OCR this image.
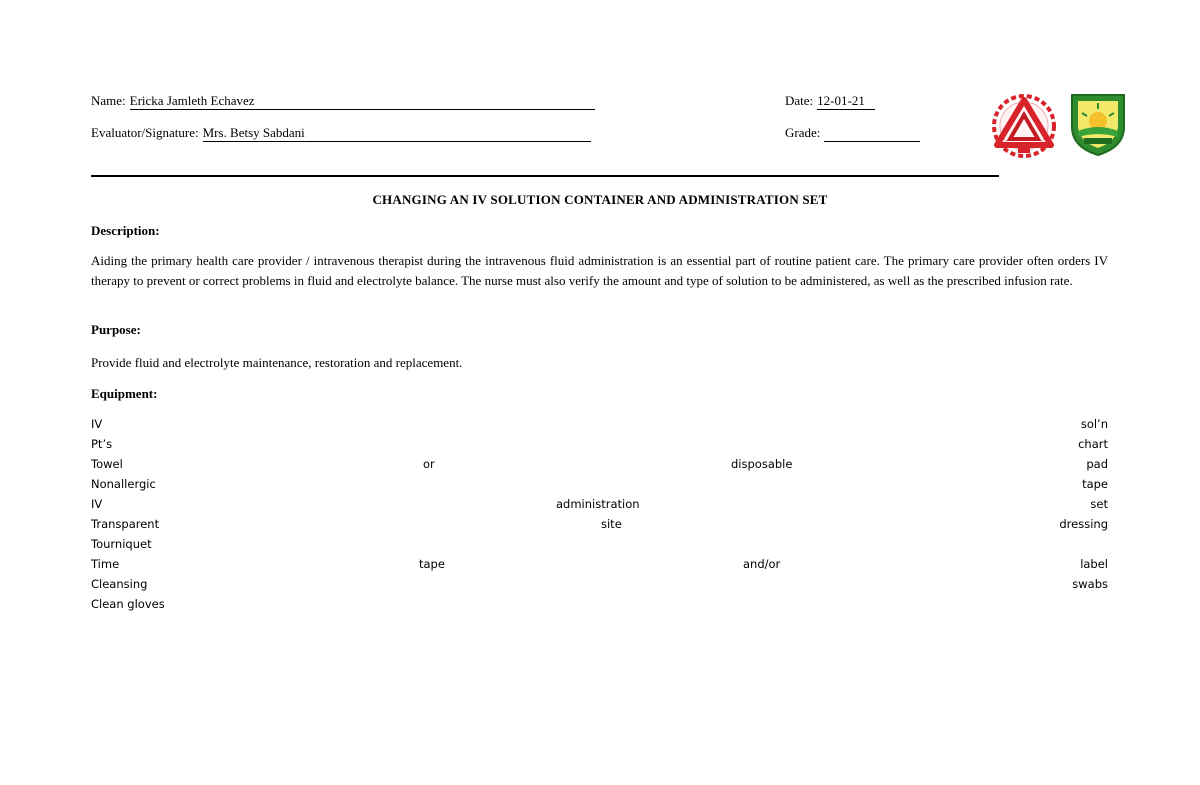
Name: Ericka Jamleth Echavez	Date: 12-01-21
Evaluator/Signature: Mrs. Betsy Sabdani	Grade:
CHANGING AN IV SOLUTION CONTAINER AND ADMINISTRATION SET
Description:
Aiding the primary health care provider / intravenous therapist during the intravenous fluid administration is an essential part of routine patient care. The primary care provider often orders IV therapy to prevent or correct problems in fluid and electrolyte balance. The nurse must also verify the amount and type of solution to be administered, as well as the prescribed infusion rate.
Purpose:
Provide fluid and electrolyte maintenance, restoration and replacement.
Equipment:
IV	sol’n
Pt’s	chart
Towel	or	disposable	pad
Nonallergic	tape
IV	administration	set
Transparent	site	dressing
Tourniquet
Time	tape	and/or	label
Cleansing	swabs
Clean gloves
